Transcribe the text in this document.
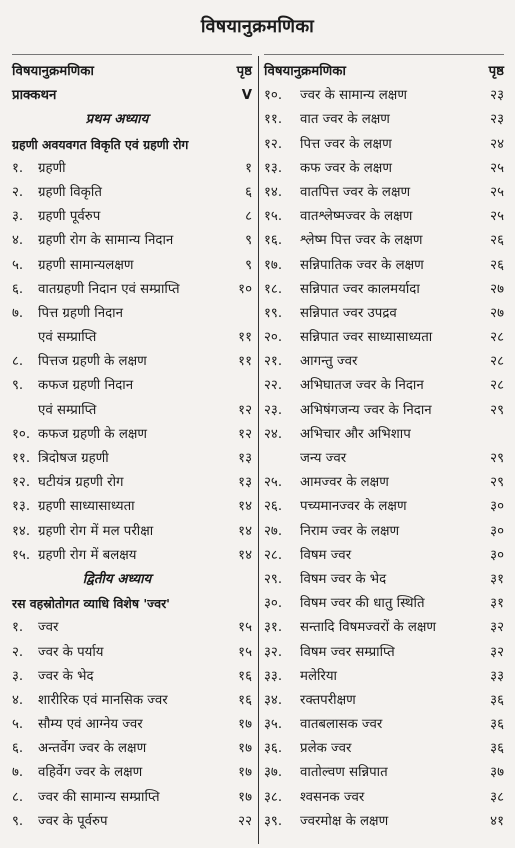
विषयानुक्रमणिका
विषयानुक्रमणिका	पृष्ठ
प्राक्कथन	V
प्रथम अध्याय
ग्रहणी अवयवगत विकृति एवं ग्रहणी रोग
१. ग्रहणी	१
२. ग्रहणी विकृति	६
३. ग्रहणी पूर्वरुप	८
४. ग्रहणी रोग के सामान्य निदान	९
५. ग्रहणी सामान्यलक्षण	९
६. वातग्रहणी निदान एवं सम्प्राप्ति	१०
७. पित्त ग्रहणी निदान
एवं सम्प्राप्ति	११
८. पित्तज ग्रहणी के लक्षण	११
९. कफज ग्रहणी निदान
एवं सम्प्राप्ति	१२
१०. कफज ग्रहणी के लक्षण	१२
११. त्रिदोषज ग्रहणी	१३
१२. घटीयंत्र ग्रहणी रोग	१३
१३. ग्रहणी साध्यासाध्यता	१४
१४. ग्रहणी रोग में मल परीक्षा	१४
१५. ग्रहणी रोग में बलक्षय	१४
द्वितीय अध्याय
रस वहस्रोतोगत व्याधि विशेष 'ज्वर'
१. ज्वर	१५
२. ज्वर के पर्याय	१५
३. ज्वर के भेद	१६
४. शारीरिक एवं मानसिक ज्वर	१६
५. सौम्य एवं आग्नेय ज्वर	१७
६. अन्तर्वेग ज्वर के लक्षण	१७
७. वहिर्वेग ज्वर के लक्षण	१७
८. ज्वर की सामान्य सम्प्राप्ति	१७
९. ज्वर के पूर्वरुप	२२
विषयानुक्रमणिका	पृष्ठ
१०. ज्वर के सामान्य लक्षण	२३
११. वात ज्वर के लक्षण	२३
१२. पित्त ज्वर के लक्षण	२४
१३. कफ ज्वर के लक्षण	२५
१४. वातपित्त ज्वर के लक्षण	२५
१५. वातश्लेष्मज्वर के लक्षण	२५
१६. श्लेष्म पित्त ज्वर के लक्षण	२६
१७. सन्निपातिक ज्वर के लक्षण	२६
१८. सन्निपात ज्वर कालमर्यादा	२७
१९. सन्निपात ज्वर उपद्रव	२७
२०. सन्निपात ज्वर साध्यासाध्यता	२८
२१. आगन्तु ज्वर	२८
२२. अभिघातज ज्वर के निदान	२८
२३. अभिषंगजन्य ज्वर के निदान	२९
२४. अभिचार और अभिशाप
जन्य ज्वर	२९
२५. आमज्वर के लक्षण	२९
२६. पच्यमानज्वर के लक्षण	३०
२७. निराम ज्वर के लक्षण	३०
२८. विषम ज्वर	३०
२९. विषम ज्वर के भेद	३१
३०. विषम ज्वर की धातु स्थिति	३१
३१. सन्तादि विषमज्वरों के लक्षण	३२
३२. विषम ज्वर सम्प्राप्ति	३२
३३. मलेरिया	३३
३४. रक्तपरीक्षण	३६
३५. वातबलासक ज्वर	३६
३६. प्रलेक ज्वर	३६
३७. वातोल्वण सन्निपात	३७
३८. श्वसनक ज्वर	३८
३९. ज्वरमोक्ष के लक्षण	४१
